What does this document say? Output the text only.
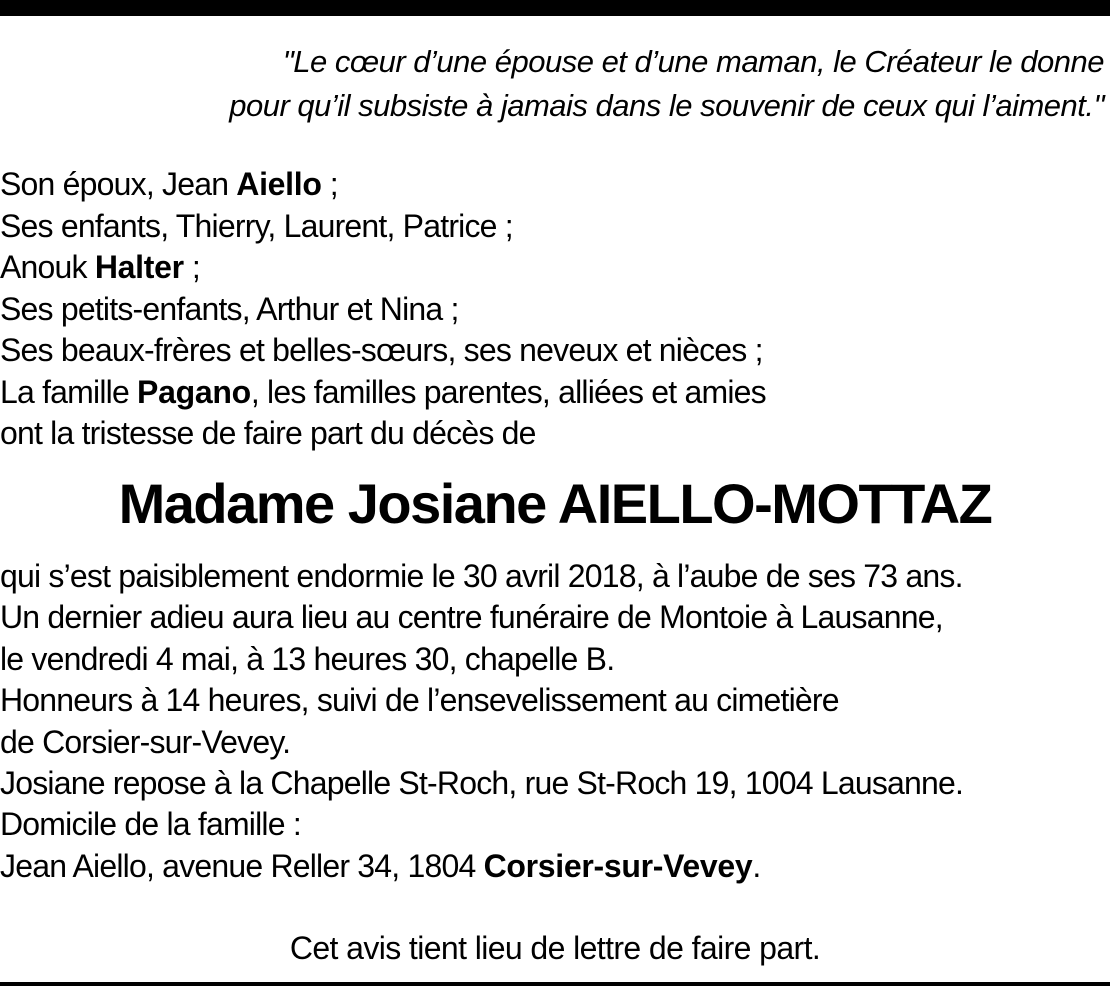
"Le cœur d’une épouse et d’une maman, le Créateur le donne
pour qu’il subsiste à jamais dans le souvenir de ceux qui l’aiment."
Son époux, Jean Aiello ;
Ses enfants, Thierry, Laurent, Patrice ;
Anouk Halter ;
Ses petits-enfants, Arthur et Nina ;
Ses beaux-frères et belles-sœurs, ses neveux et nièces ;
La famille Pagano, les familles parentes, alliées et amies
ont la tristesse de faire part du décès de
Madame Josiane AIELLO-MOTTAZ
qui s’est paisiblement endormie le 30 avril 2018, à l’aube de ses 73 ans.
Un dernier adieu aura lieu au centre funéraire de Montoie à Lausanne,
le vendredi 4 mai, à 13 heures 30, chapelle B.
Honneurs à 14 heures, suivi de l’ensevelissement au cimetière
de Corsier-sur-Vevey.
Josiane repose à la Chapelle St-Roch, rue St-Roch 19, 1004 Lausanne.
Domicile de la famille :
Jean Aiello, avenue Reller 34, 1804 Corsier-sur-Vevey.
Cet avis tient lieu de lettre de faire part.
